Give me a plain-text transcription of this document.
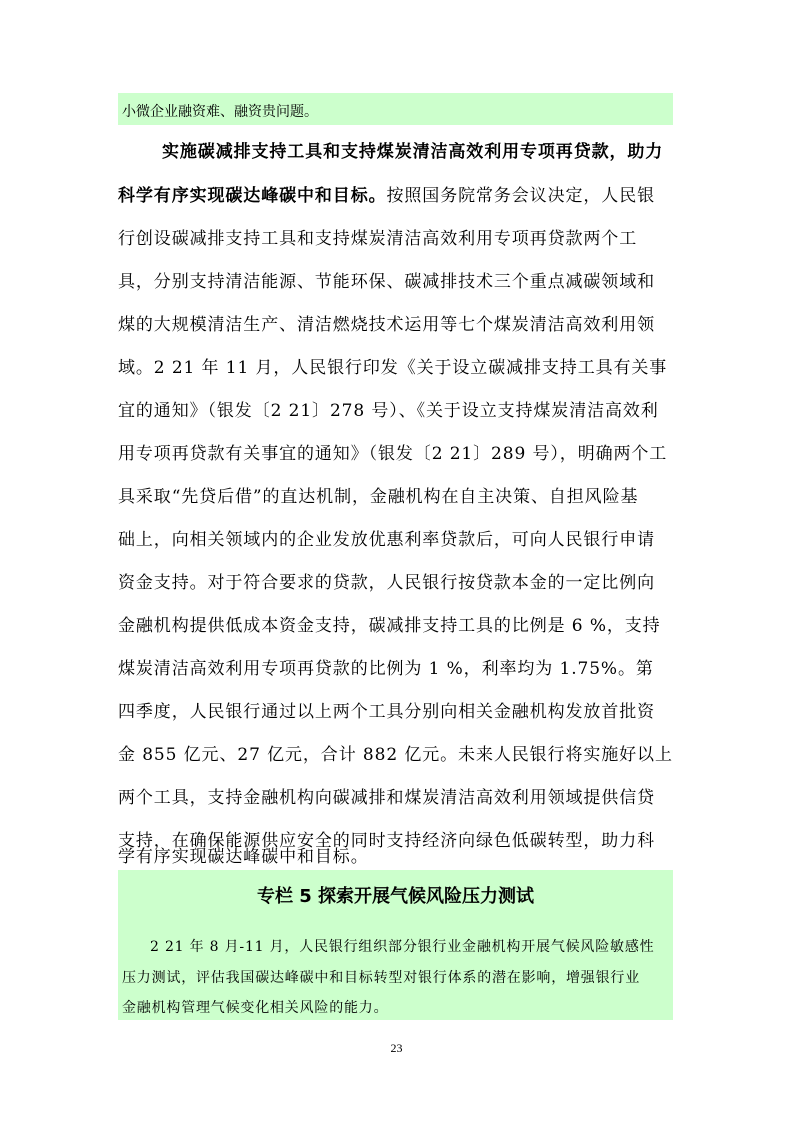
小微企业融资难、融资贵问题。
实施碳减排支持工具和支持煤炭清洁高效利用专项再贷款，助力
科学有序实现碳达峰碳中和目标。按照国务院常务会议决定，人民银
行创设碳减排支持工具和支持煤炭清洁高效利用专项再贷款两个工
具，分别支持清洁能源、节能环保、碳减排技术三个重点减碳领域和
煤的大规模清洁生产、清洁燃烧技术运用等七个煤炭清洁高效利用领
域。2 21 年 11 月，人民银行印发《关于设立碳减排支持工具有关事
宜的通知》（银发〔2 21〕278 号）、《关于设立支持煤炭清洁高效利
用专项再贷款有关事宜的通知》（银发〔2 21〕289 号），明确两个工
具采取“先贷后借”的直达机制，金融机构在自主决策、自担风险基
础上，向相关领域内的企业发放优惠利率贷款后，可向人民银行申请
资金支持。对于符合要求的贷款，人民银行按贷款本金的一定比例向
金融机构提供低成本资金支持，碳减排支持工具的比例是 6 %，支持
煤炭清洁高效利用专项再贷款的比例为 1 %，利率均为 1.75%。第
四季度，人民银行通过以上两个工具分别向相关金融机构发放首批资
金 855 亿元、27 亿元，合计 882 亿元。未来人民银行将实施好以上
两个工具，支持金融机构向碳减排和煤炭清洁高效利用领域提供信贷
支持，在确保能源供应安全的同时支持经济向绿色低碳转型，助力科
学有序实现碳达峰碳中和目标。
专栏 5 探索开展气候风险压力测试
2 21 年 8 月-11 月，人民银行组织部分银行业金融机构开展气候风险敏感性
压力测试，评估我国碳达峰碳中和目标转型对银行体系的潜在影响，增强银行业
金融机构管理气候变化相关风险的能力。
23
